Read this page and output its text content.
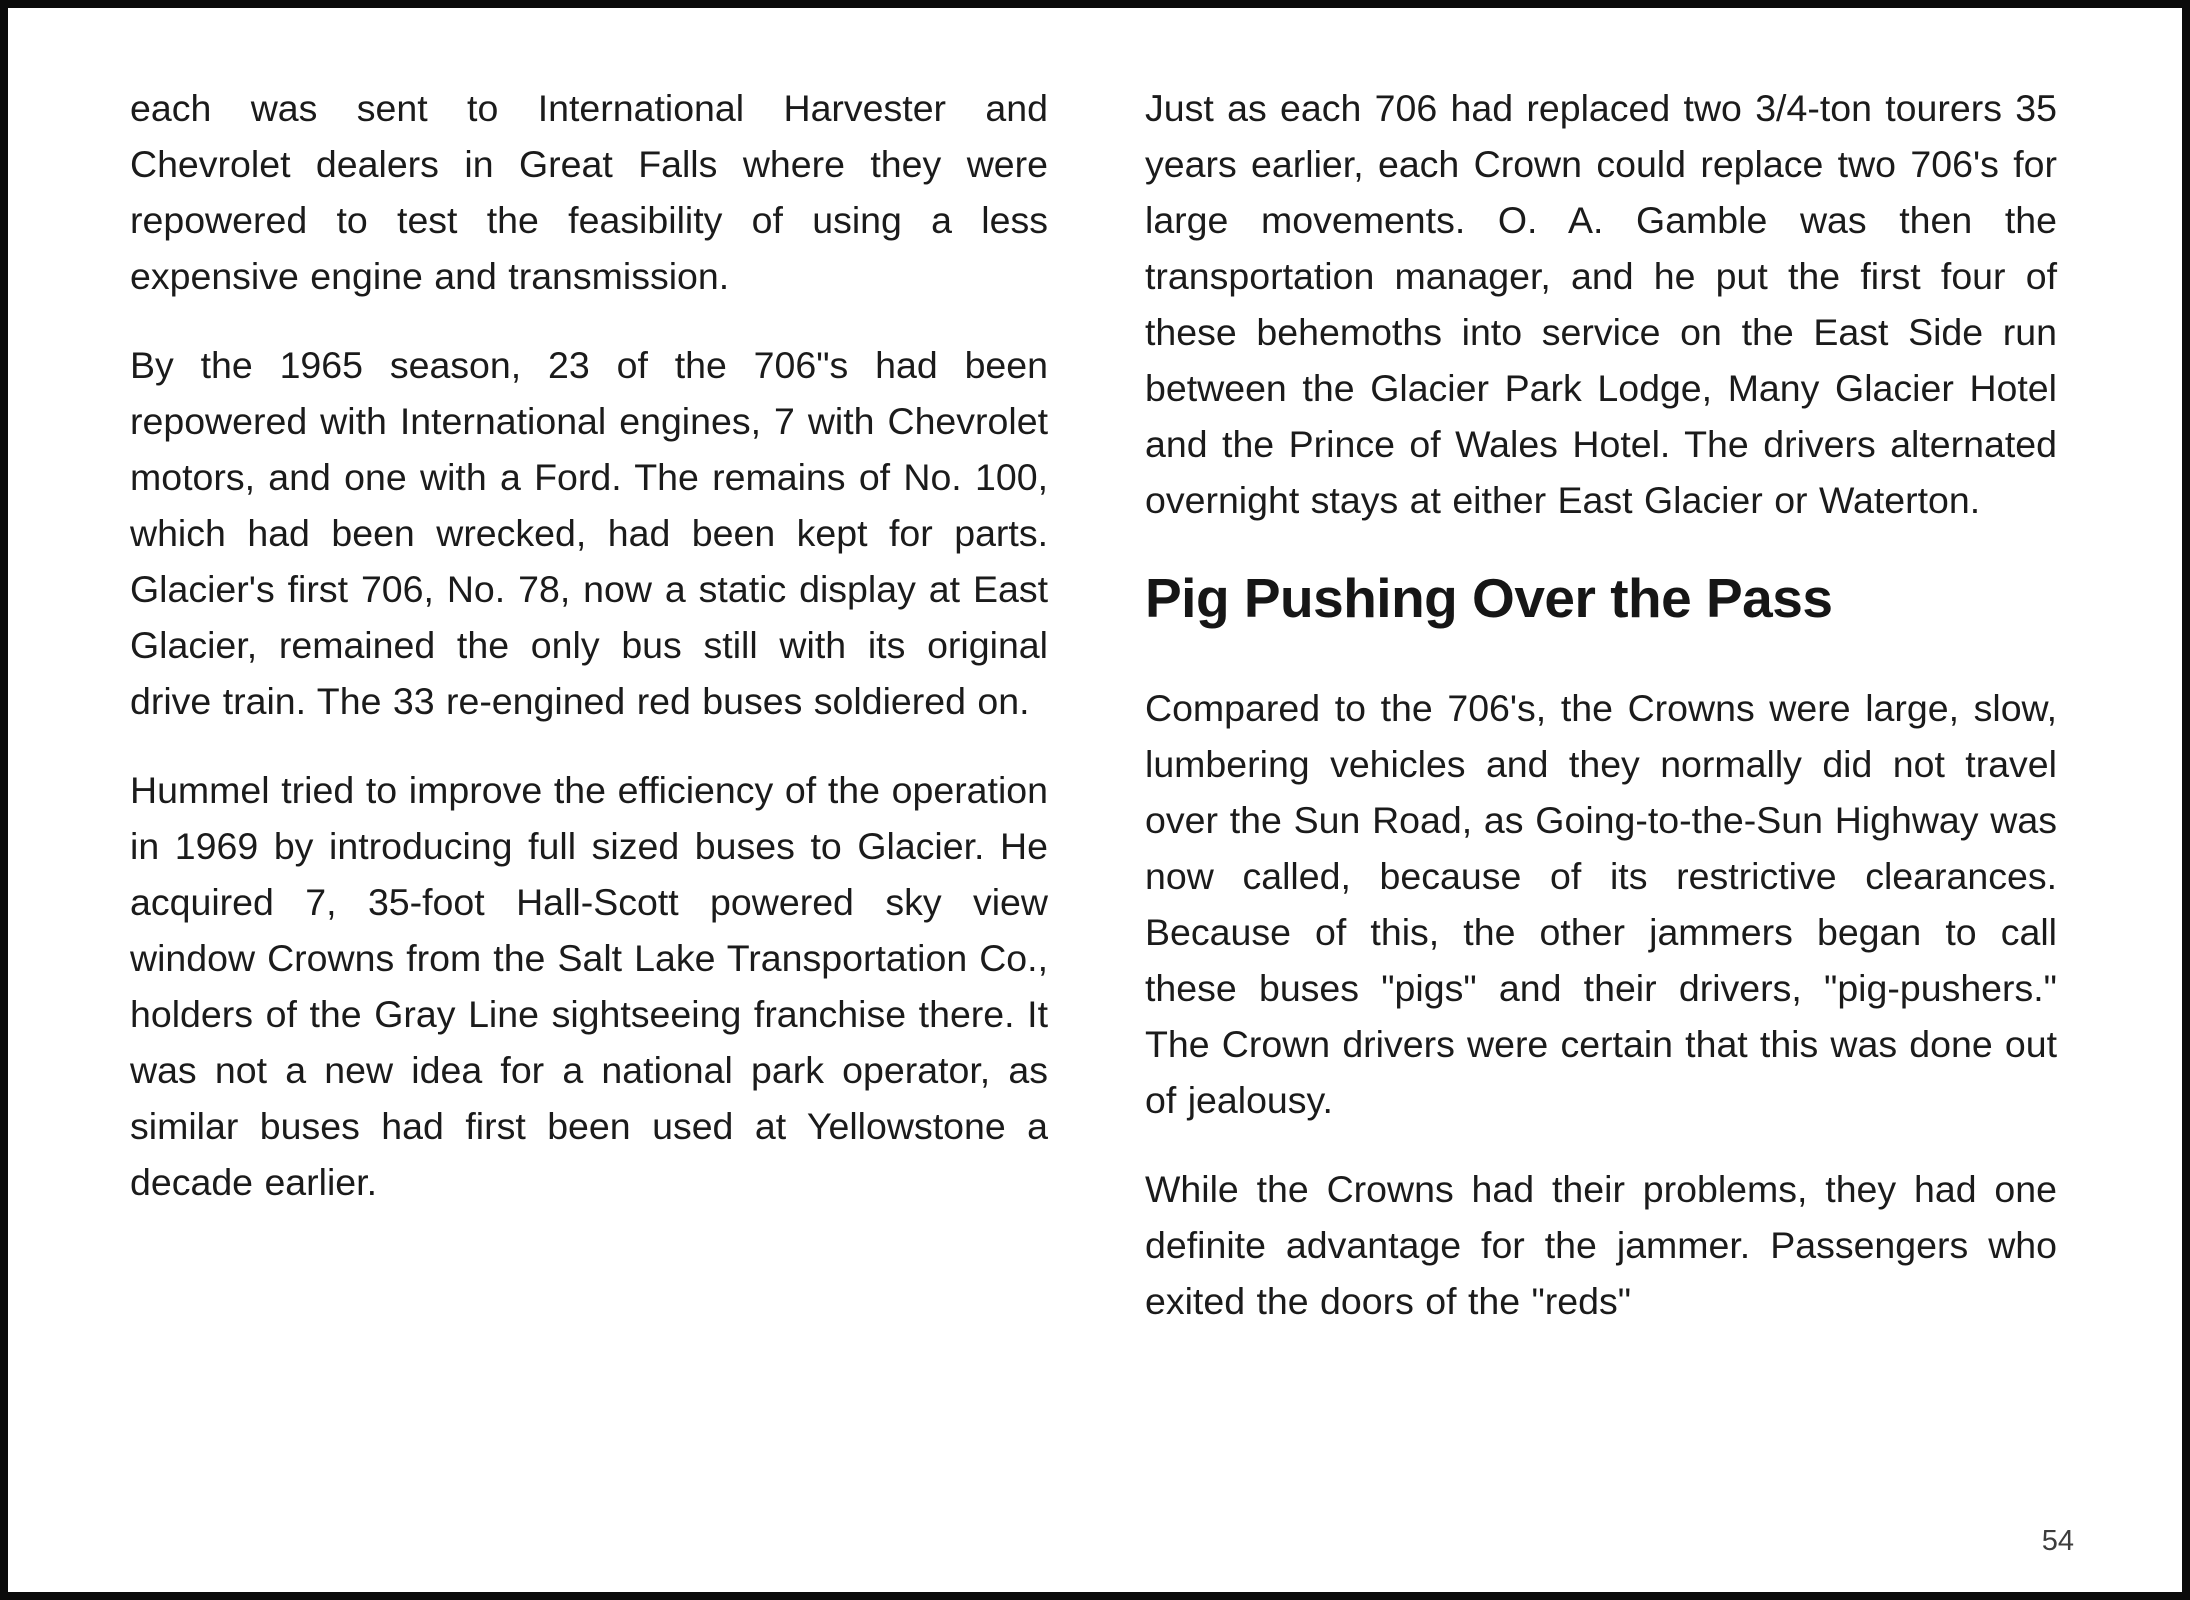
each was sent to International Harvester and Chevrolet dealers in Great Falls where they were repowered to test the feasibility of using a less expensive engine and transmission.

By the 1965 season, 23 of the 706"s had been repowered with International engines, 7 with Chevrolet motors, and one with a Ford. The remains of No. 100, which had been wrecked, had been kept for parts. Glacier's first 706, No. 78, now a static display at East Glacier, remained the only bus still with its original drive train. The 33 re-engined red buses soldiered on.

Hummel tried to improve the efficiency of the operation in 1969 by introducing full sized buses to Glacier. He acquired 7, 35-foot Hall-Scott powered sky view window Crowns from the Salt Lake Transportation Co., holders of the Gray Line sightseeing franchise there. It was not a new idea for a national park operator, as similar buses had first been used at Yellowstone a decade earlier.

Just as each 706 had replaced two 3/4-ton tourers 35 years earlier, each Crown could replace two 706's for large movements. O. A. Gamble was then the transportation manager, and he put the first four of these behemoths into service on the East Side run between the Glacier Park Lodge, Many Glacier Hotel and the Prince of Wales Hotel. The drivers alternated overnight stays at either East Glacier or Waterton.

Pig Pushing Over the Pass

Compared to the 706's, the Crowns were large, slow, lumbering vehicles and they normally did not travel over the Sun Road, as Going-to-the-Sun Highway was now called, because of its restrictive clearances. Because of this, the other jammers began to call these buses "pigs" and their drivers, "pig-pushers." The Crown drivers were certain that this was done out of jealousy.

While the Crowns had their problems, they had one definite advantage for the jammer. Passengers who exited the doors of the "reds"

54
